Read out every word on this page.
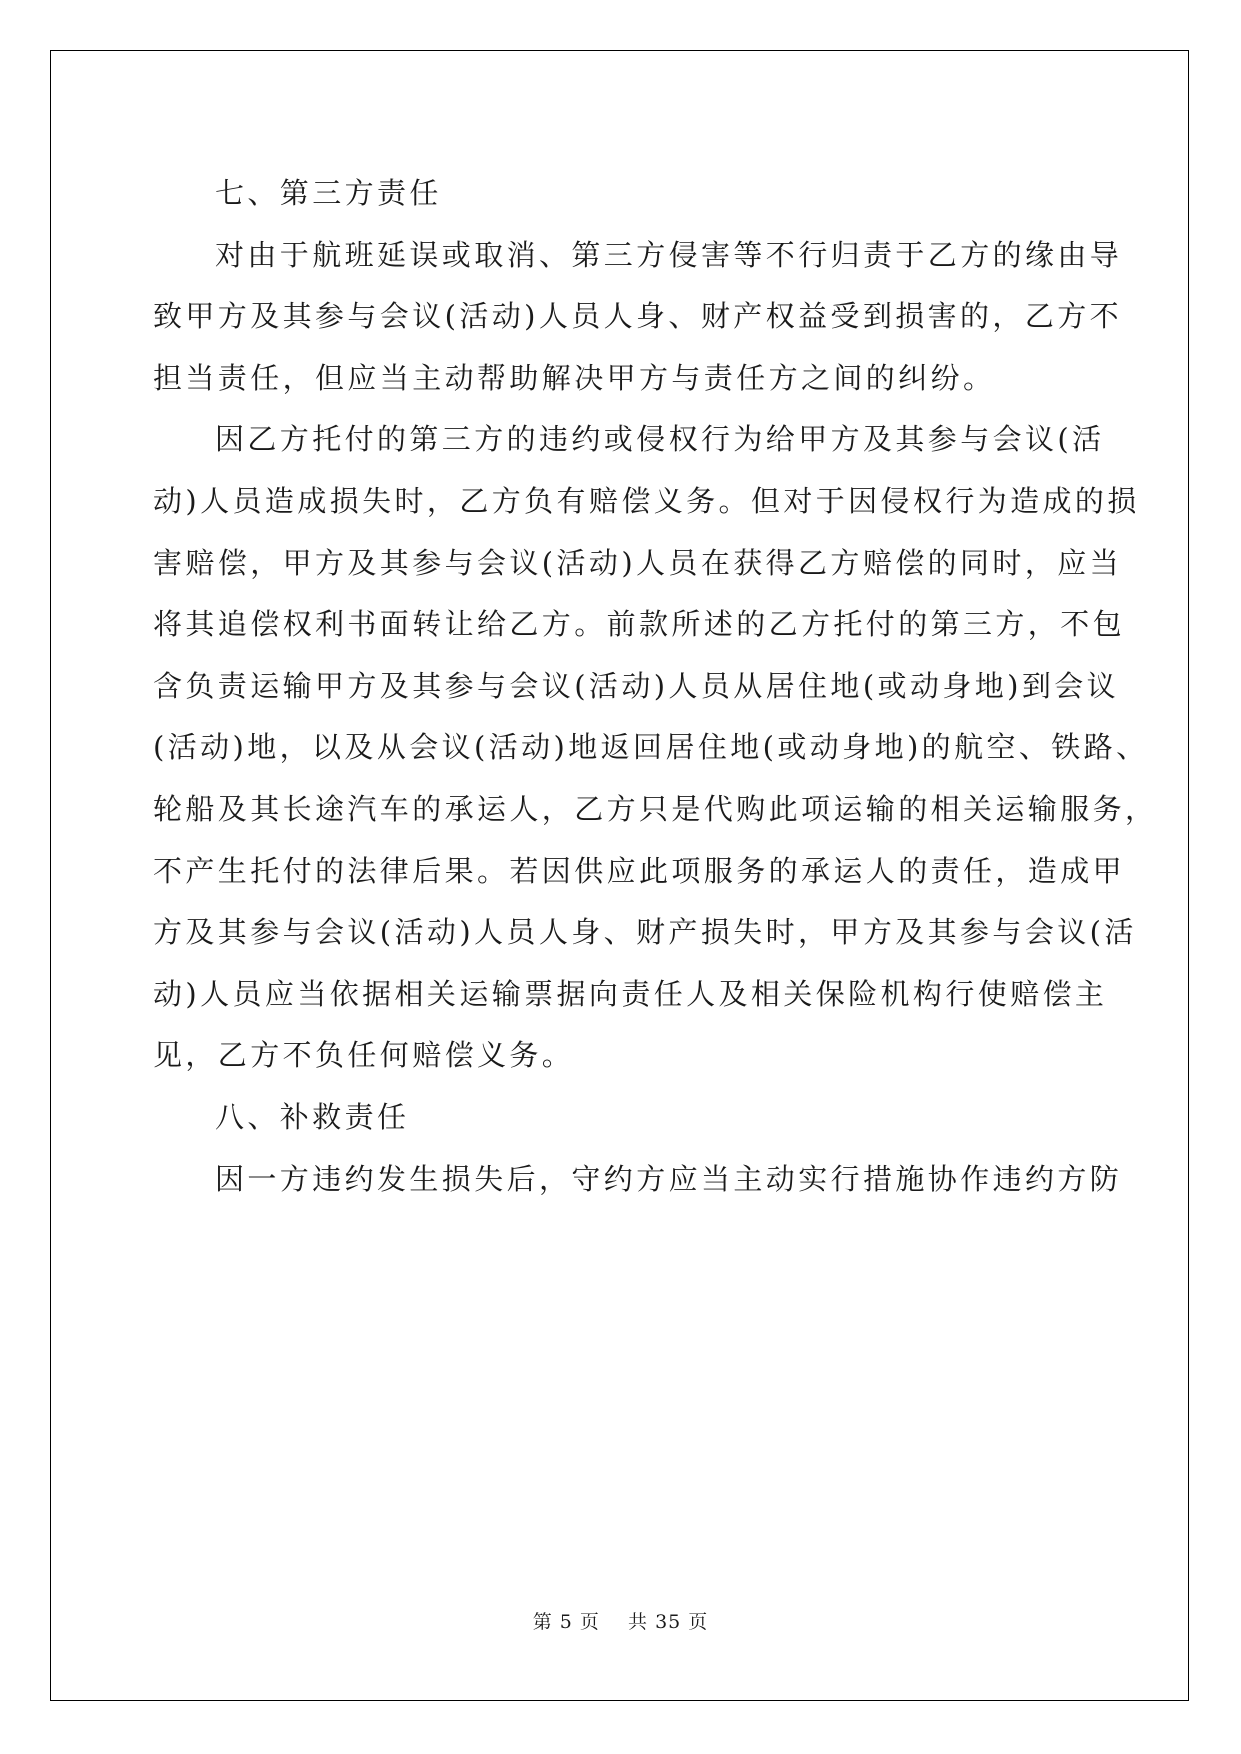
七、第三方责任
对由于航班延误或取消、第三方侵害等不行归责于乙方的缘由导
致甲方及其参与会议(活动)人员人身、财产权益受到损害的，乙方不
担当责任，但应当主动帮助解决甲方与责任方之间的纠纷。
因乙方托付的第三方的违约或侵权行为给甲方及其参与会议(活
动)人员造成损失时，乙方负有赔偿义务。但对于因侵权行为造成的损
害赔偿，甲方及其参与会议(活动)人员在获得乙方赔偿的同时，应当
将其追偿权利书面转让给乙方。前款所述的乙方托付的第三方，不包
含负责运输甲方及其参与会议(活动)人员从居住地(或动身地)到会议
(活动)地，以及从会议(活动)地返回居住地(或动身地)的航空、铁路、
轮船及其长途汽车的承运人，乙方只是代购此项运输的相关运输服务，
不产生托付的法律后果。若因供应此项服务的承运人的责任，造成甲
方及其参与会议(活动)人员人身、财产损失时，甲方及其参与会议(活
动)人员应当依据相关运输票据向责任人及相关保险机构行使赔偿主
见，乙方不负任何赔偿义务。
八、补救责任
因一方违约发生损失后，守约方应当主动实行措施协作违约方防
第 5 页    共 35 页
